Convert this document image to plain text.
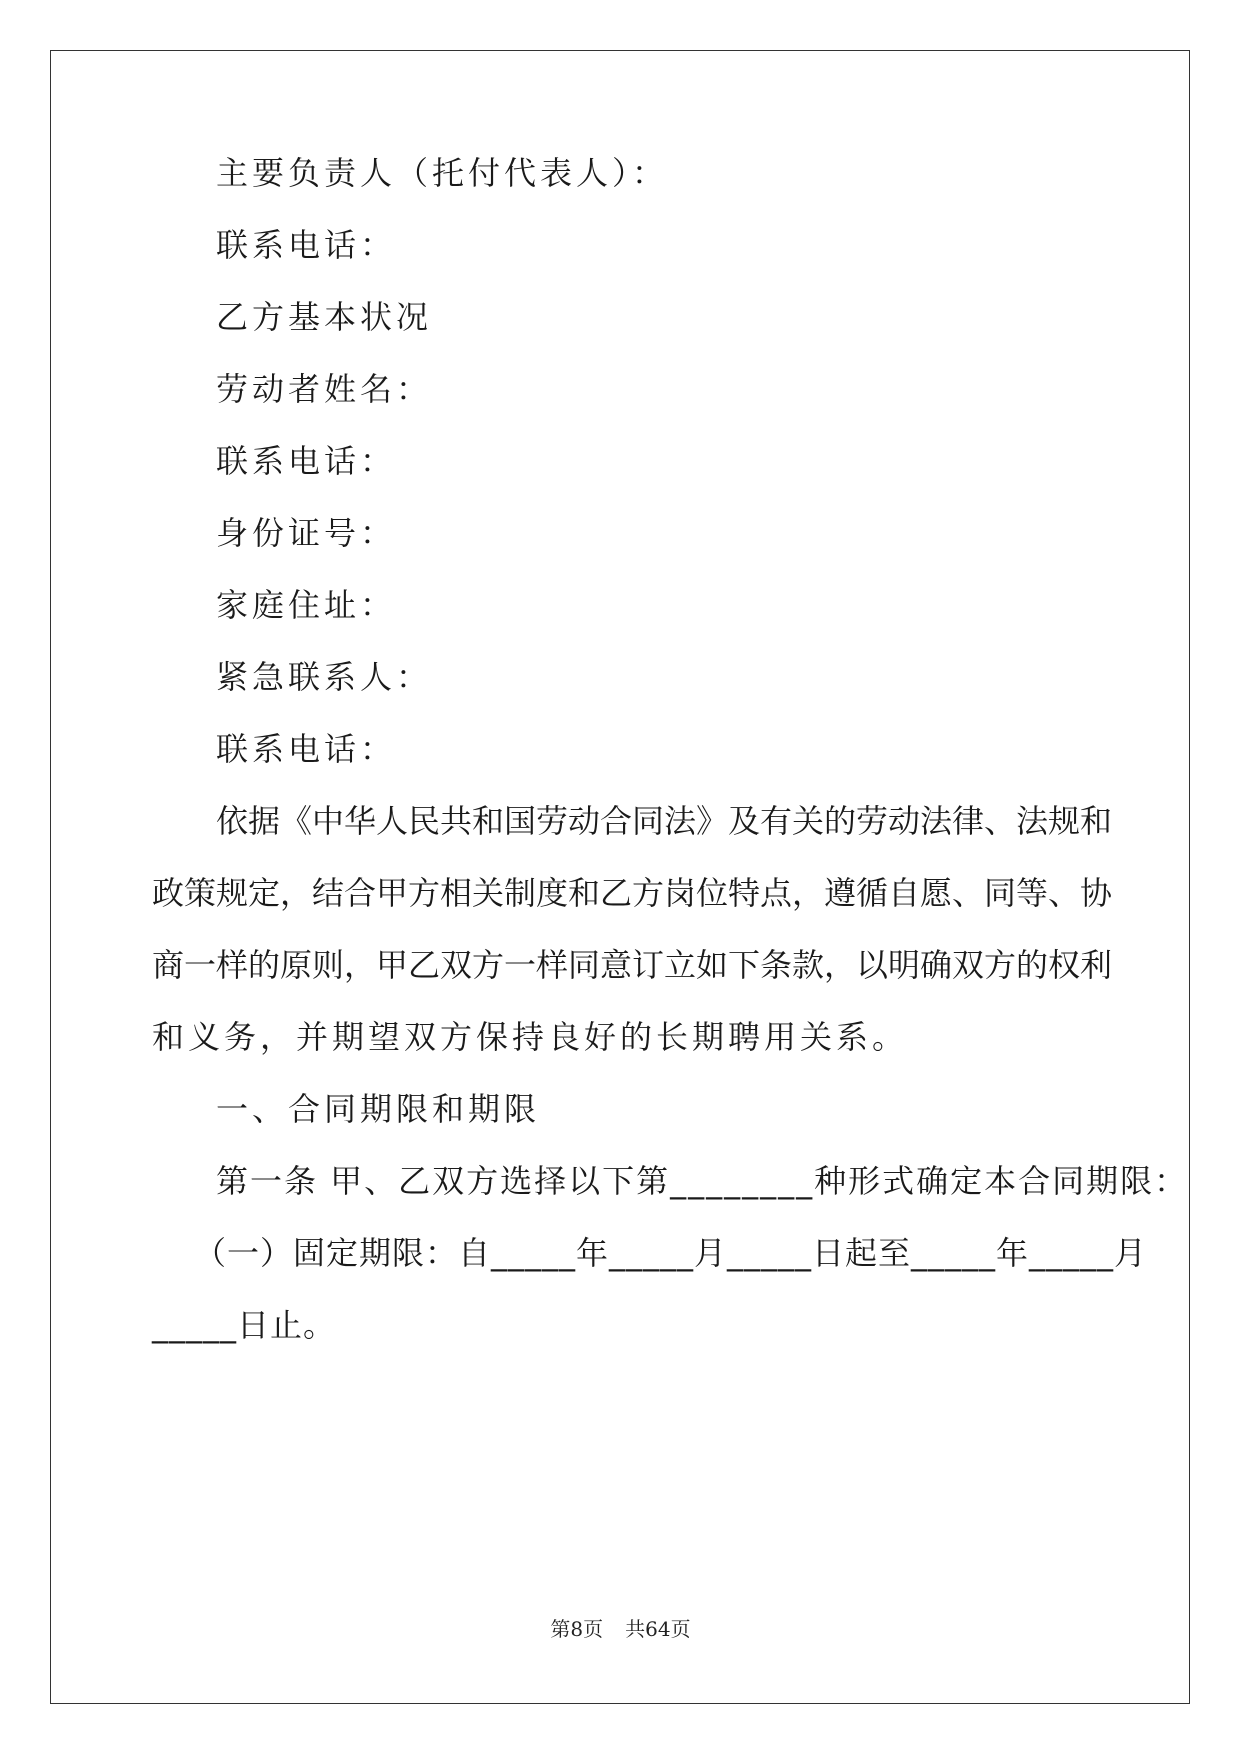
主要负责人（托付代表人）：
联系电话：
乙方基本状况
劳动者姓名：
联系电话：
身份证号：
家庭住址：
紧急联系人：
联系电话：
依据《中华人民共和国劳动合同法》及有关的劳动法律、法规和
政策规定，结合甲方相关制度和乙方岗位特点，遵循自愿、同等、协
商一样的原则，甲乙双方一样同意订立如下条款，以明确双方的权利
和义务，并期望双方保持良好的长期聘用关系。
一、合同期限和期限
第一条 甲、乙双方选择以下第________种形式确定本合同期限：
（一）固定期限：自_____年_____月_____日起至_____年_____月
_____日止。
第8页 共64页
